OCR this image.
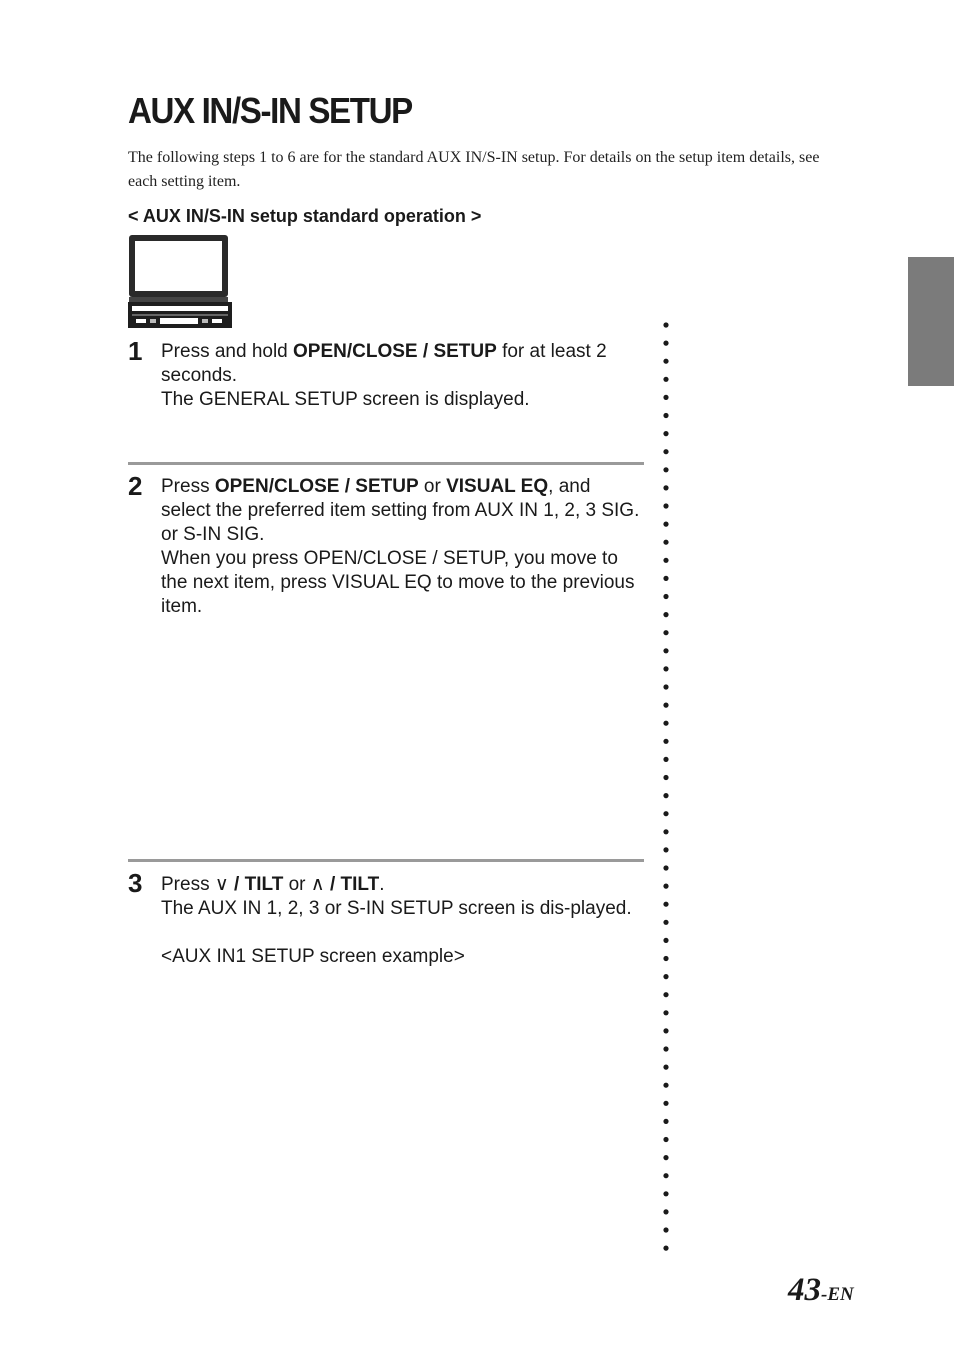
AUX IN/S-IN SETUP

The following steps 1 to 6 are for the standard AUX IN/S-IN setup. For details on the setup item details, see each setting item.

< AUX IN/S-IN setup standard operation >
1 Press and hold OPEN/CLOSE / SETUP for at least 2 seconds.

The GENERAL SETUP screen is displayed.

2 Press OPEN/CLOSE / SETUP or VISUAL EQ, and select the preferred item setting from AUX IN 1, 2, 3 SIG. or S-IN SIG.

When you press OPEN/CLOSE / SETUP, you move to the next item, press VISUAL EQ to move to the previous item.

3 Press ∨ / TILT or ∧ / TILT.

The AUX IN 1, 2, 3 or S-IN SETUP screen is dis-played.

<AUX IN1 SETUP screen example>

43-EN
